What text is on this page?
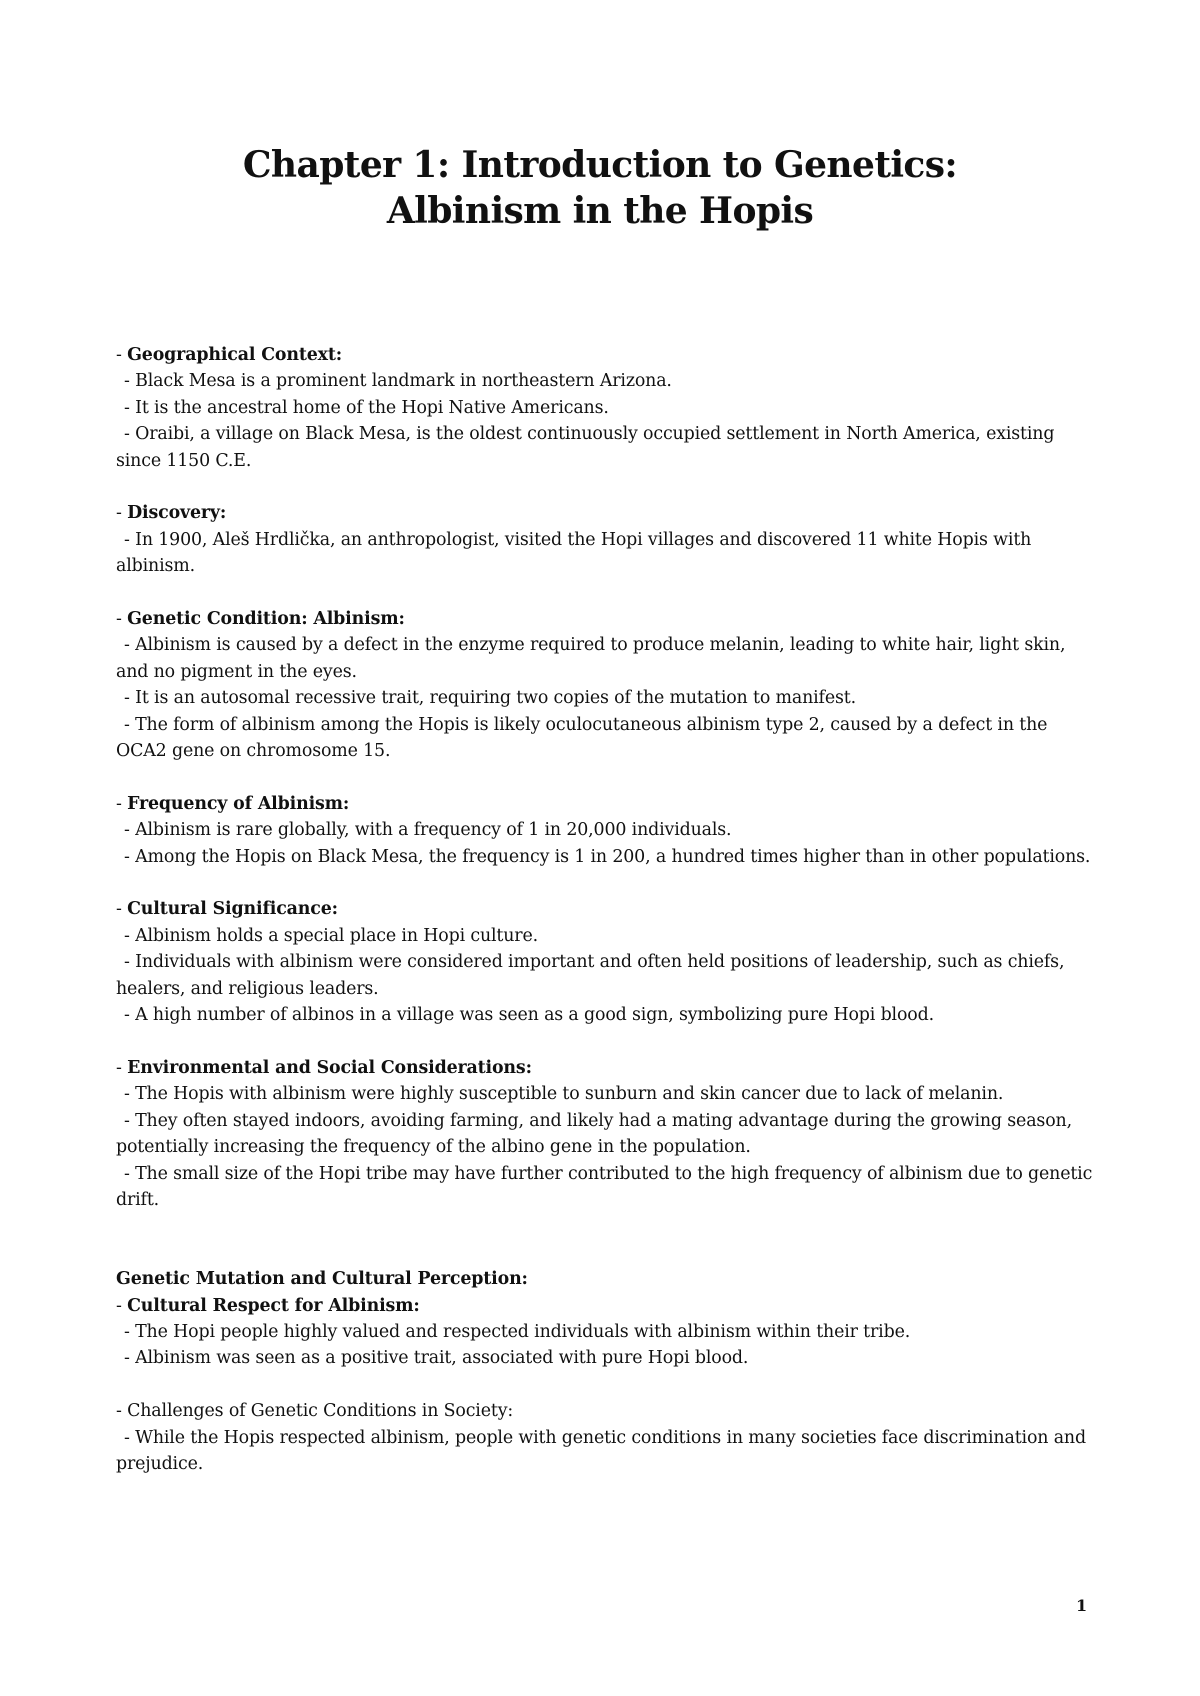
Chapter 1: Introduction to Genetics:
Albinism in the Hopis

- Geographical Context:

- Black Mesa is a prominent landmark in northeastern Arizona.

- It is the ancestral home of the Hopi Native Americans.

- Oraibi, a village on Black Mesa, is the oldest continuously occupied settlement in North America, existing since 1150 C.E.

- Discovery:

- In 1900, Aleš Hrdlička, an anthropologist, visited the Hopi villages and discovered 11 white Hopis with albinism.

- Genetic Condition: Albinism:

- Albinism is caused by a defect in the enzyme required to produce melanin, leading to white hair, light skin, and no pigment in the eyes.

- It is an autosomal recessive trait, requiring two copies of the mutation to manifest.

- The form of albinism among the Hopis is likely oculocutaneous albinism type 2, caused by a defect in the OCA2 gene on chromosome 15.

- Frequency of Albinism:

- Albinism is rare globally, with a frequency of 1 in 20,000 individuals.

- Among the Hopis on Black Mesa, the frequency is 1 in 200, a hundred times higher than in other populations.

- Cultural Significance:

- Albinism holds a special place in Hopi culture.

- Individuals with albinism were considered important and often held positions of leadership, such as chiefs, healers, and religious leaders.

- A high number of albinos in a village was seen as a good sign, symbolizing pure Hopi blood.

- Environmental and Social Considerations:

- The Hopis with albinism were highly susceptible to sunburn and skin cancer due to lack of melanin.

- They often stayed indoors, avoiding farming, and likely had a mating advantage during the growing season, potentially increasing the frequency of the albino gene in the population.

- The small size of the Hopi tribe may have further contributed to the high frequency of albinism due to genetic drift.

Genetic Mutation and Cultural Perception:

- Cultural Respect for Albinism:

- The Hopi people highly valued and respected individuals with albinism within their tribe.

- Albinism was seen as a positive trait, associated with pure Hopi blood.

- Challenges of Genetic Conditions in Society:

- While the Hopis respected albinism, people with genetic conditions in many societies face discrimination and prejudice.

1
